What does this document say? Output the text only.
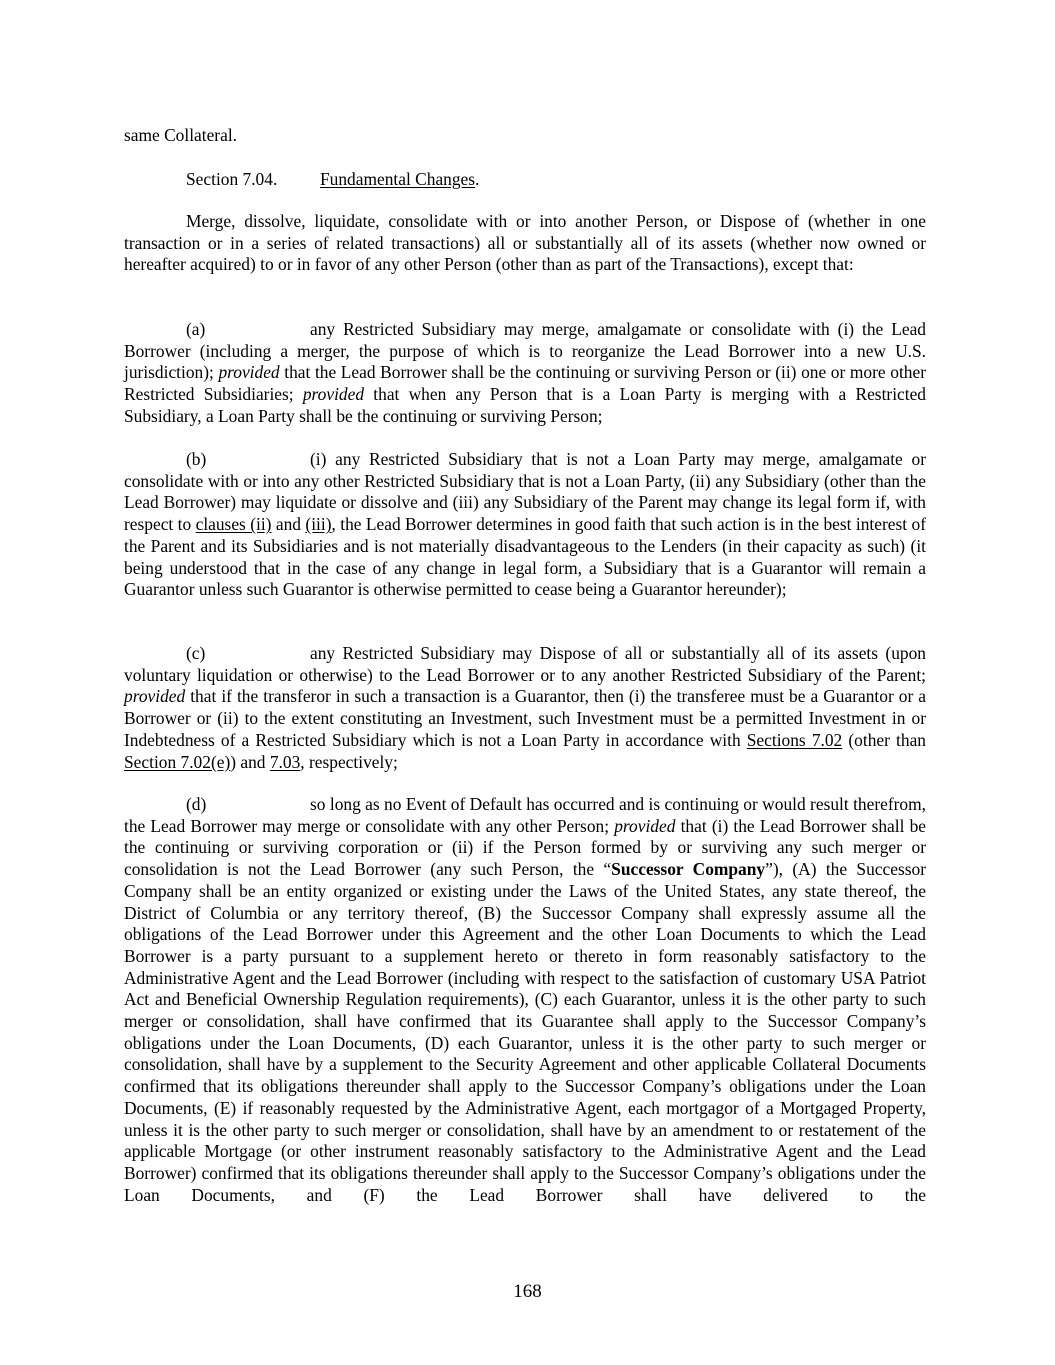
same Collateral.

Section 7.04. Fundamental Changes.

Merge, dissolve, liquidate, consolidate with or into another Person, or Dispose of (whether in one transaction or in a series of related transactions) all or substantially all of its assets (whether now owned or hereafter acquired) to or in favor of any other Person (other than as part of the Transactions), except that:

(a)	any Restricted Subsidiary may merge, amalgamate or consolidate with (i) the Lead Borrower (including a merger, the purpose of which is to reorganize the Lead Borrower into a new U.S. jurisdiction); provided that the Lead Borrower shall be the continuing or surviving Person or (ii) one or more other Restricted Subsidiaries; provided that when any Person that is a Loan Party is merging with a Restricted Subsidiary, a Loan Party shall be the continuing or surviving Person;

(b)	(i) any Restricted Subsidiary that is not a Loan Party may merge, amalgamate or consolidate with or into any other Restricted Subsidiary that is not a Loan Party, (ii) any Subsidiary (other than the Lead Borrower) may liquidate or dissolve and (iii) any Subsidiary of the Parent may change its legal form if, with respect to clauses (ii) and (iii), the Lead Borrower determines in good faith that such action is in the best interest of the Parent and its Subsidiaries and is not materially disadvantageous to the Lenders (in their capacity as such) (it being understood that in the case of any change in legal form, a Subsidiary that is a Guarantor will remain a Guarantor unless such Guarantor is otherwise permitted to cease being a Guarantor hereunder);

(c)	any Restricted Subsidiary may Dispose of all or substantially all of its assets (upon voluntary liquidation or otherwise) to the Lead Borrower or to any another Restricted Subsidiary of the Parent; provided that if the transferor in such a transaction is a Guarantor, then (i) the transferee must be a Guarantor or a Borrower or (ii) to the extent constituting an Investment, such Investment must be a permitted Investment in or Indebtedness of a Restricted Subsidiary which is not a Loan Party in accordance with Sections 7.02 (other than Section 7.02(e)) and 7.03, respectively;

(d)	so long as no Event of Default has occurred and is continuing or would result therefrom, the Lead Borrower may merge or consolidate with any other Person; provided that (i) the Lead Borrower shall be the continuing or surviving corporation or (ii) if the Person formed by or surviving any such merger or consolidation is not the Lead Borrower (any such Person, the “Successor Company”), (A) the Successor Company shall be an entity organized or existing under the Laws of the United States, any state thereof, the District of Columbia or any territory thereof, (B) the Successor Company shall expressly assume all the obligations of the Lead Borrower under this Agreement and the other Loan Documents to which the Lead Borrower is a party pursuant to a supplement hereto or thereto in form reasonably satisfactory to the Administrative Agent and the Lead Borrower (including with respect to the satisfaction of customary USA Patriot Act and Beneficial Ownership Regulation requirements), (C) each Guarantor, unless it is the other party to such merger or consolidation, shall have confirmed that its Guarantee shall apply to the Successor Company’s obligations under the Loan Documents, (D) each Guarantor, unless it is the other party to such merger or consolidation, shall have by a supplement to the Security Agreement and other applicable Collateral Documents confirmed that its obligations thereunder shall apply to the Successor Company’s obligations under the Loan Documents, (E) if reasonably requested by the Administrative Agent, each mortgagor of a Mortgaged Property, unless it is the other party to such merger or consolidation, shall have by an amendment to or restatement of the applicable Mortgage (or other instrument reasonably satisfactory to the Administrative Agent and the Lead Borrower) confirmed that its obligations thereunder shall apply to the Successor Company’s obligations under the Loan Documents, and (F) the Lead Borrower shall have delivered to the

168
